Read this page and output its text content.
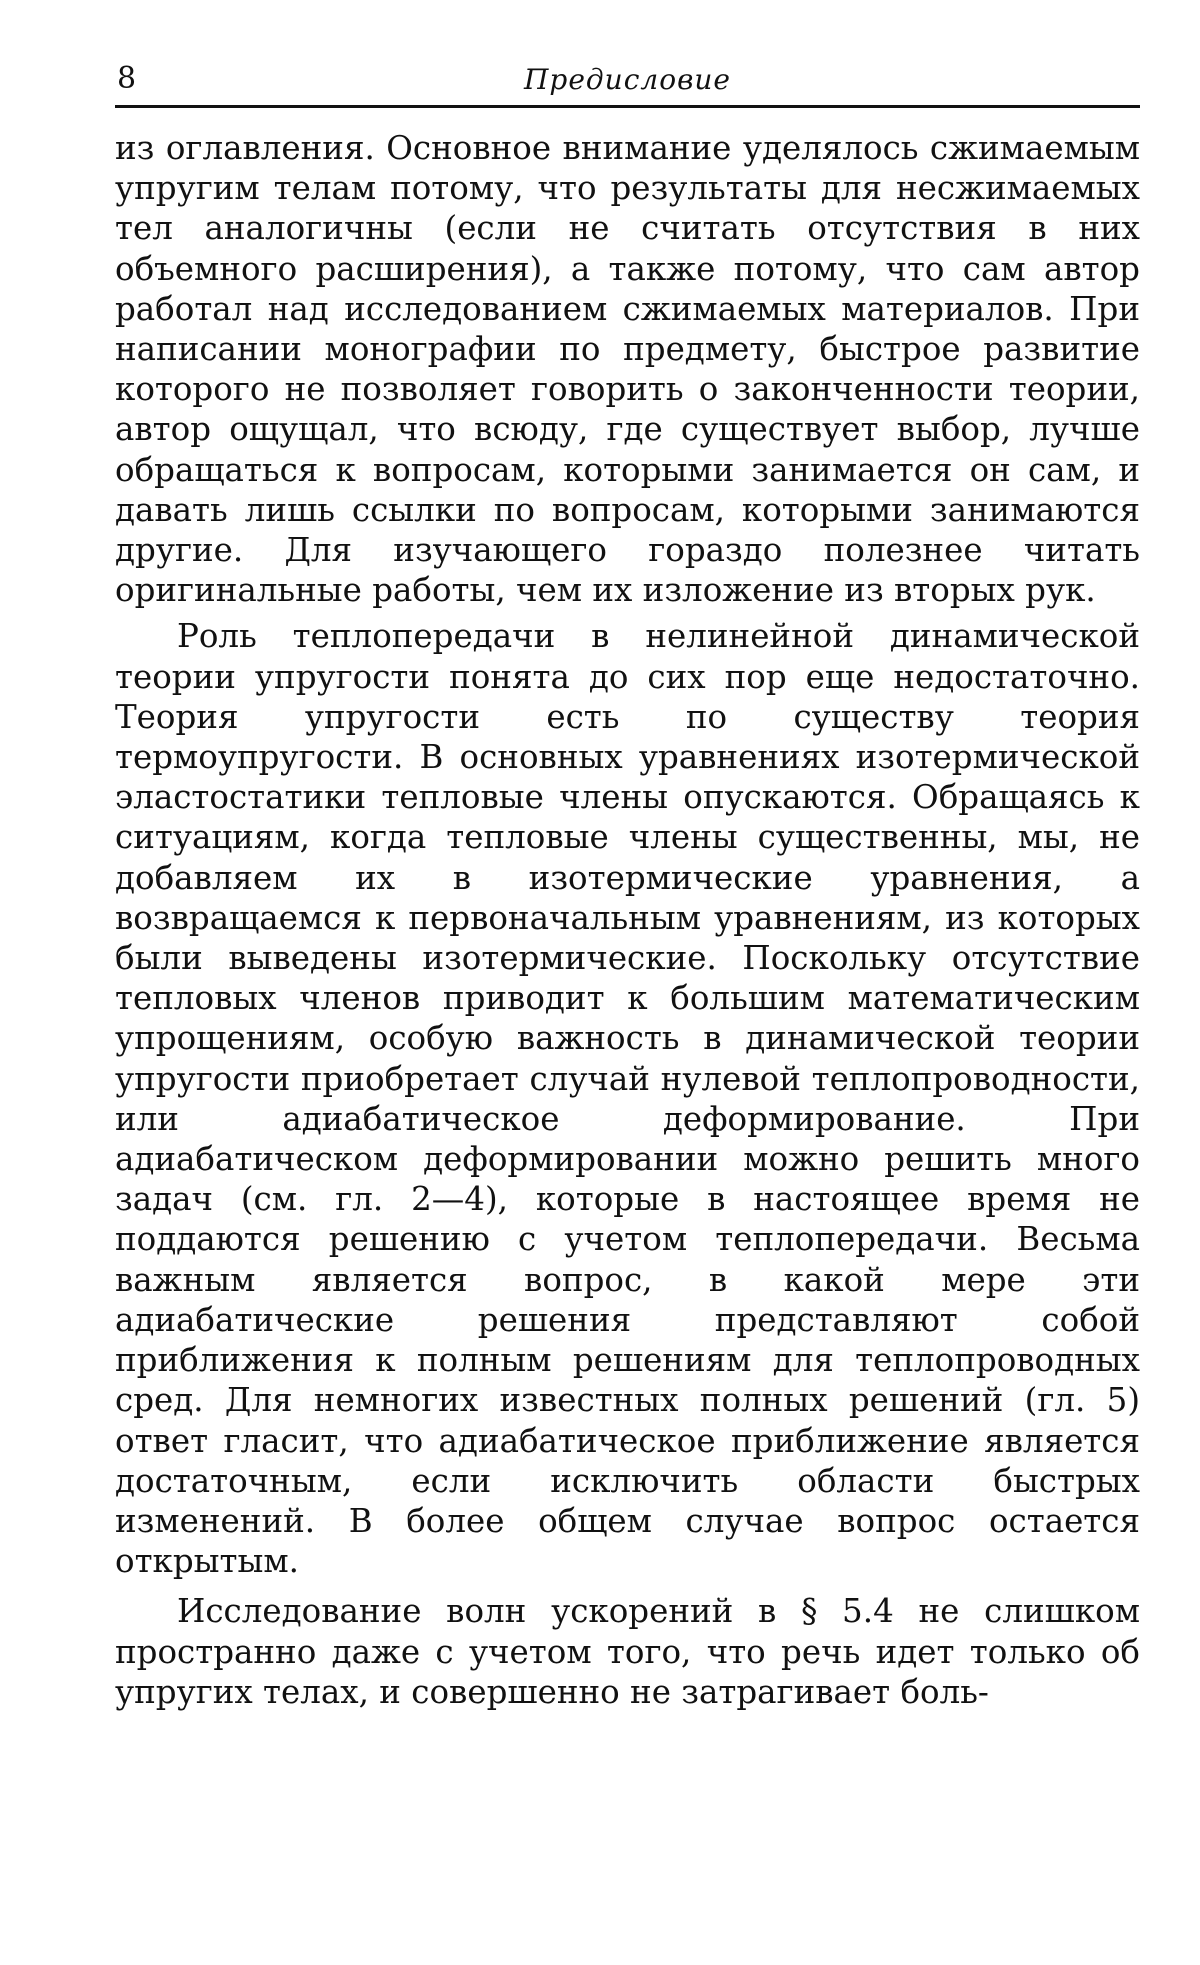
8	Предисловие

из оглавления. Основное внимание уделялось сжимаемым упругим телам потому, что результаты для несжимаемых тел аналогичны (если не считать отсутствия в них объемного расширения), а также потому, что сам автор работал над исследованием сжимаемых материалов. При написании монографии по предмету, быстрое развитие которого не позволяет говорить о законченности теории, автор ощущал, что всюду, где существует выбор, лучше обращаться к вопросам, которыми занимается он сам, и давать лишь ссылки по вопросам, которыми занимаются другие. Для изучающего гораздо полезнее читать оригинальные работы, чем их изложение из вторых рук.

Роль теплопередачи в нелинейной динамической теории упругости понята до сих пор еще недостаточно. Теория упругости есть по существу теория термоупругости. В основных уравнениях изотермической эластостатики тепловые члены опускаются. Обращаясь к ситуациям, когда тепловые члены существенны, мы, не добавляем их в изотермические уравнения, а возвращаемся к первоначальным уравнениям, из которых были выведены изотермические. Поскольку отсутствие тепловых членов приводит к большим математическим упрощениям, особую важность в динамической теории упругости приобретает случай нулевой теплопроводности, или адиабатическое деформирование. При адиабатическом деформировании можно решить много задач (см. гл. 2—4), которые в настоящее время не поддаются решению с учетом теплопередачи. Весьма важным является вопрос, в какой мере эти адиабатические решения представляют собой приближения к полным решениям для теплопроводных сред. Для немногих известных полных решений (гл. 5) ответ гласит, что адиабатическое приближение является достаточным, если исключить области быстрых изменений. В более общем случае вопрос остается открытым.

Исследование волн ускорений в § 5.4 не слишком пространно даже с учетом того, что речь идет только об упругих телах, и совершенно не затрагивает боль-
